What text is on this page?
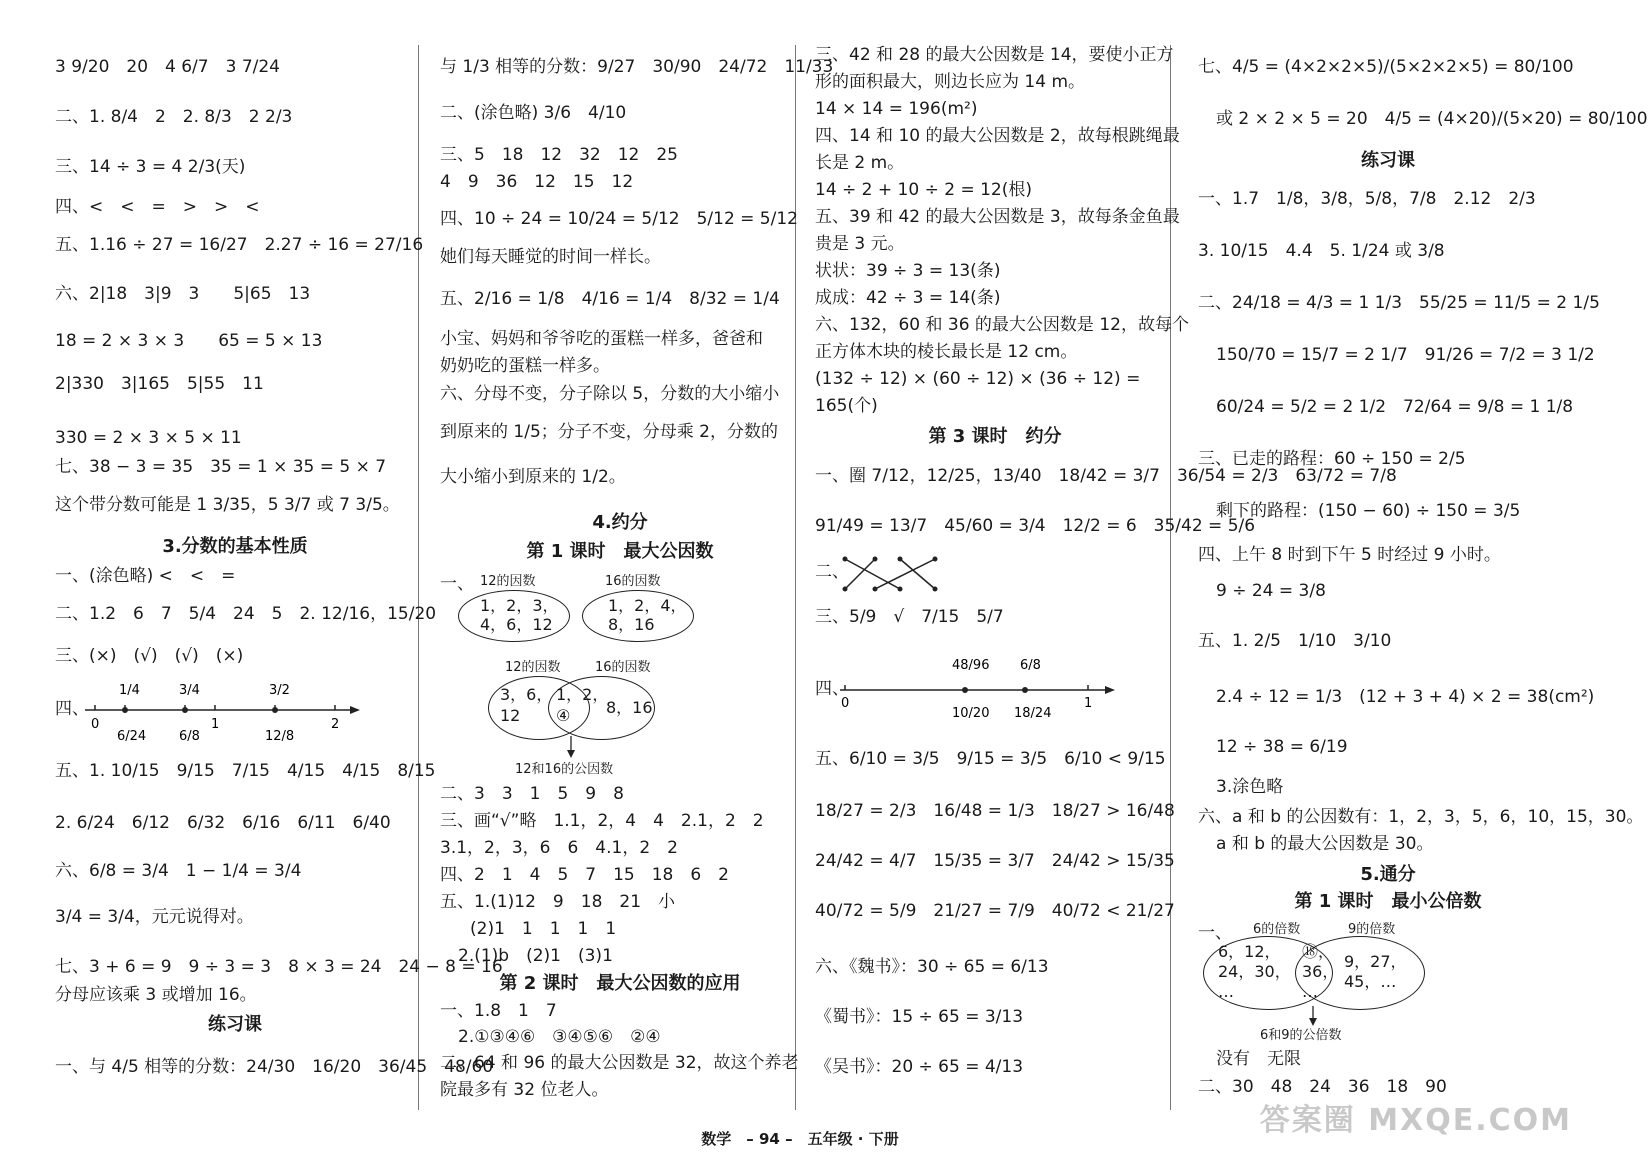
3 9/20　20　4 6/7　3 7/24
二、1. 8/4　2　2. 8/3　2 2/3
三、14 ÷ 3 = 4 2/3(天)
四、<　<　=　>　>　<
五、1.16 ÷ 27 = 16/27　2.27 ÷ 16 = 27/16
六、2|18　3|9　3　　5|65　13
18 = 2 × 3 × 3　　65 = 5 × 13
2|330　3|165　5|55　11
330 = 2 × 3 × 5 × 11
七、38 − 3 = 35　35 = 1 × 35 = 5 × 7
这个带分数可能是 1 3/35，5 3/7 或 7 3/5。
3.分数的基本性质
一、(涂色略) <　<　=
二、1.2　6　7　5/4　24　5　2. 12/16，15/20
三、(×)　(√)　(√)　(×)
四、
1/4	3/4	3/2
0
6/24	6/8
1
12/8
2
五、1. 10/15　9/15　7/15　4/15　4/15　8/15
2. 6/24　6/12　6/32　6/16　6/11　6/40
六、6/8 = 3/4　1 − 1/4 = 3/4
3/4 = 3/4，元元说得对。
七、3 + 6 = 9　9 ÷ 3 = 3　8 × 3 = 24　24 − 8 = 16
分母应该乘 3 或增加 16。
练习课
一、与 4/5 相等的分数：24/30　16/20　36/45　48/60
与 1/3 相等的分数：9/27　30/90　24/72　11/33
二、(涂色略) 3/6　4/10
三、5　18　12　32　12　25
4　9　36　12　15　12
四、10 ÷ 24 = 10/24 = 5/12　5/12 = 5/12
她们每天睡觉的时间一样长。
五、2/16 = 1/8　4/16 = 1/4　8/32 = 1/4
小宝、妈妈和爷爷吃的蛋糕一样多，爸爸和
奶奶吃的蛋糕一样多。
六、分母不变，分子除以 5，分数的大小缩小
到原来的 1/5；分子不变，分母乘 2，分数的
大小缩小到原来的 1/2。
4.约分
第 1 课时　最大公因数
一、 12的因数	16的因数
1，2，3，
4，6，12
1，2，4，
8，16
12的因数	16的因数
3，6，
12
1，2，
④	8，16
12和16的公因数
二、3　3　1　5　9　8
三、画“√”略　1.1，2，4　4　2.1，2　2
3.1，2，3，6　6　4.1，2　2
四、2　1　4　5　7　15　18　6　2
五、1.(1)12　9　18　21　小
(2)1　1　1　1　1
2.(1)b　(2)1　(3)1
第 2 课时　最大公因数的应用
一、1.8　1　7
2.①③④⑥　③④⑤⑥　②④
二、64 和 96 的最大公因数是 32，故这个养老
院最多有 32 位老人。
三、42 和 28 的最大公因数是 14，要使小正方
形的面积最大，则边长应为 14 m。
14 × 14 = 196(m²)
四、14 和 10 的最大公因数是 2，故每根跳绳最
长是 2 m。
14 ÷ 2 + 10 ÷ 2 = 12(根)
五、39 和 42 的最大公因数是 3，故每条金鱼最
贵是 3 元。
状状：39 ÷ 3 = 13(条)
成成：42 ÷ 3 = 14(条)
六、132，60 和 36 的最大公因数是 12，故每个
正方体木块的棱长最长是 12 cm。
(132 ÷ 12) × (60 ÷ 12) × (36 ÷ 12) =
165(个)
第 3 课时　约分
一、圈 7/12，12/25，13/40　18/42 = 3/7　36/54 = 2/3　63/72 = 7/8
91/49 = 13/7　45/60 = 3/4　12/2 = 6　35/42 = 5/6
二、
三、5/9　√　7/15　5/7
四、
48/96 6/8
0
10/20 18/24
1
五、6/10 = 3/5　9/15 = 3/5　6/10 < 9/15
18/27 = 2/3　16/48 = 1/3　18/27 > 16/48
24/42 = 4/7　15/35 = 3/7　24/42 > 15/35
40/72 = 5/9　21/27 = 7/9　40/72 < 21/27
六、《魏书》：30 ÷ 65 = 6/13
《蜀书》：15 ÷ 65 = 3/13
《吴书》：20 ÷ 65 = 4/13
七、4/5 = (4×2×2×5)/(5×2×2×5) = 80/100
或 2 × 2 × 5 = 20　4/5 = (4×20)/(5×20) = 80/100
练习课
一、1.7　1/8，3/8，5/8，7/8　2.12　2/3
3. 10/15　4.4　5. 1/24 或 3/8
二、24/18 = 4/3 = 1 1/3　55/25 = 11/5 = 2 1/5
150/70 = 15/7 = 2 1/7　91/26 = 7/2 = 3 1/2
60/24 = 5/2 = 2 1/2　72/64 = 9/8 = 1 1/8
三、已走的路程：60 ÷ 150 = 2/5
剩下的路程：(150 − 60) ÷ 150 = 3/5
四、上午 8 时到下午 5 时经过 9 小时。
9 ÷ 24 = 3/8
五、1. 2/5　1/10　3/10
2.4 ÷ 12 = 1/3　(12 + 3 + 4) × 2 = 38(cm²)
12 ÷ 38 = 6/19
3.涂色略
六、a 和 b 的公因数有：1，2，3，5，6，10，15，30。
a 和 b 的最大公因数是 30。
5.通分
第 1 课时　最小公倍数
一、 6的倍数	9的倍数
6，12，
24，30，
…
⑱，
36，
…
9，27，
45，…
6和9的公倍数
没有　无限
二、30　48　24　36　18　90
数学　– 94 –　五年级 · 下册
答案圈 MXQE.COM
